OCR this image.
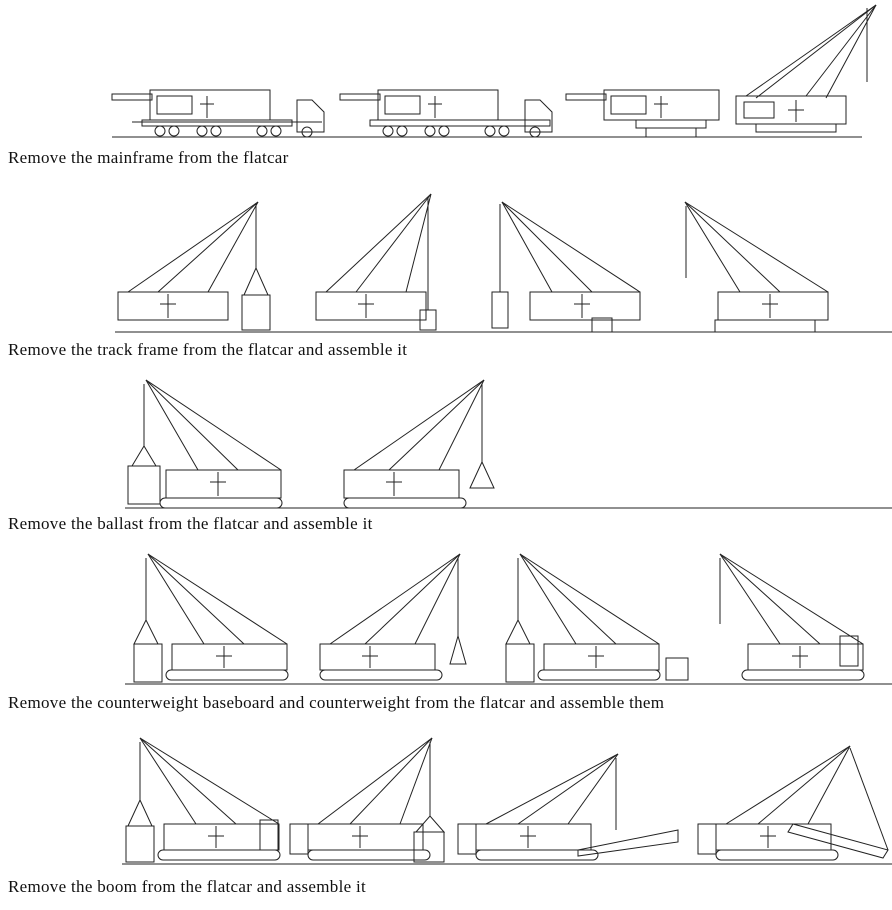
Remove the mainframe from the flatcar
Remove the track frame from the flatcar and assemble it
Remove the ballast from the flatcar and assemble it
Remove the counterweight baseboard and counterweight from the flatcar and assemble them
Remove the boom from the flatcar and assemble it
